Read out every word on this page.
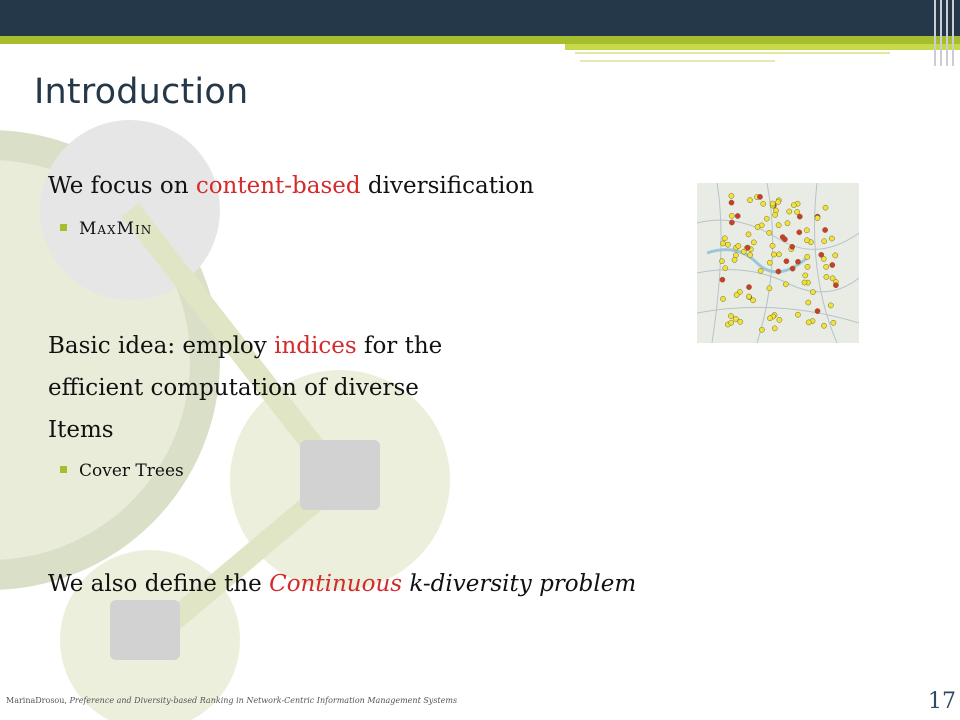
Introduction
We focus on content-based diversification
MaxMin
Basic idea: employ indices for the
efficient computation of diverse
Items
Cover Trees
We also define the Continuous k-diversity problem
MarinaDrosou, Preference and Diversity-based Ranking in Network-Centric Information Management Systems	17
